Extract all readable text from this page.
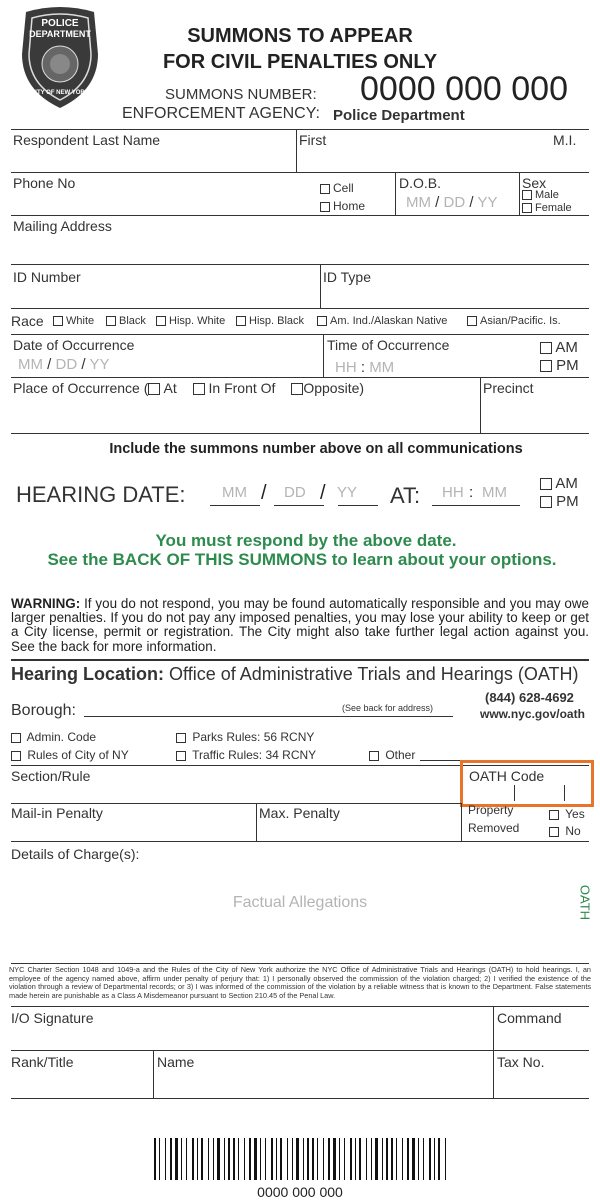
POLICE
DEPARTMENT
CITY OF NEW YORK
SUMMONS TO APPEAR
FOR CIVIL PENALTIES ONLY
SUMMONS NUMBER: 0000 000 000
ENFORCEMENT AGENCY: Police Department
Respondent Last Name	First	M.I.
Phone No	Cell
Home
D.O.B.
MM / DD / YY
Sex
Male
Female
Mailing Address
ID Number	ID Type
Race	White	Black	Hisp. White	Hisp. Black	Am. Ind./Alaskan Native	Asian/Pacific. Is.
Date of Occurrence
MM / DD / YY
Time of Occurrence
HH : MM
AM
PM
Place of Occurrence ( At In Front Of Opposite)	Precinct
Include the summons number above on all communications
HEARING DATE: MM / DD / YY AT: HH : MM
AM
PM
You must respond by the above date.
See the BACK OF THIS SUMMONS to learn about your options.
WARNING: If you do not respond, you may be found automatically responsible and you may owe larger penalties. If you do not pay any imposed penalties, you may lose your ability to keep or get a City license, permit or registration. The City might also take further legal action against you. See the back for more information.
Hearing Location: Office of Administrative Trials and Hearings (OATH)
Borough:	(See back for address)
(844) 628-4692
www.nyc.gov/oath
Admin. Code
Rules of City of NY
Parks Rules: 56 RCNY
Traffic Rules: 34 RCNY	Other
Section/Rule	OATH Code
Mail-in Penalty	Max. Penalty	Property
Removed
Yes
No
Details of Charge(s):
Factual Allegations	OATH
NYC Charter Section 1048 and 1049-a and the Rules of the City of New York authorize the NYC Office of Administrative Trials and Hearings (OATH) to hold hearings. I, an employee of the agency named above, affirm under penalty of perjury that: 1) I personally observed the commission of the violation charged; 2) I verified the existence of the violation through a review of Departmental records; or 3) I was informed of the commission of the violation by a reliable witness that is known to the Department. False statements made herein are punishable as a Class A Misdemeanor pursuant to Section 210.45 of the Penal Law.
I/O Signature	Command
Rank/Title	Name	Tax No.
0000 000 000
